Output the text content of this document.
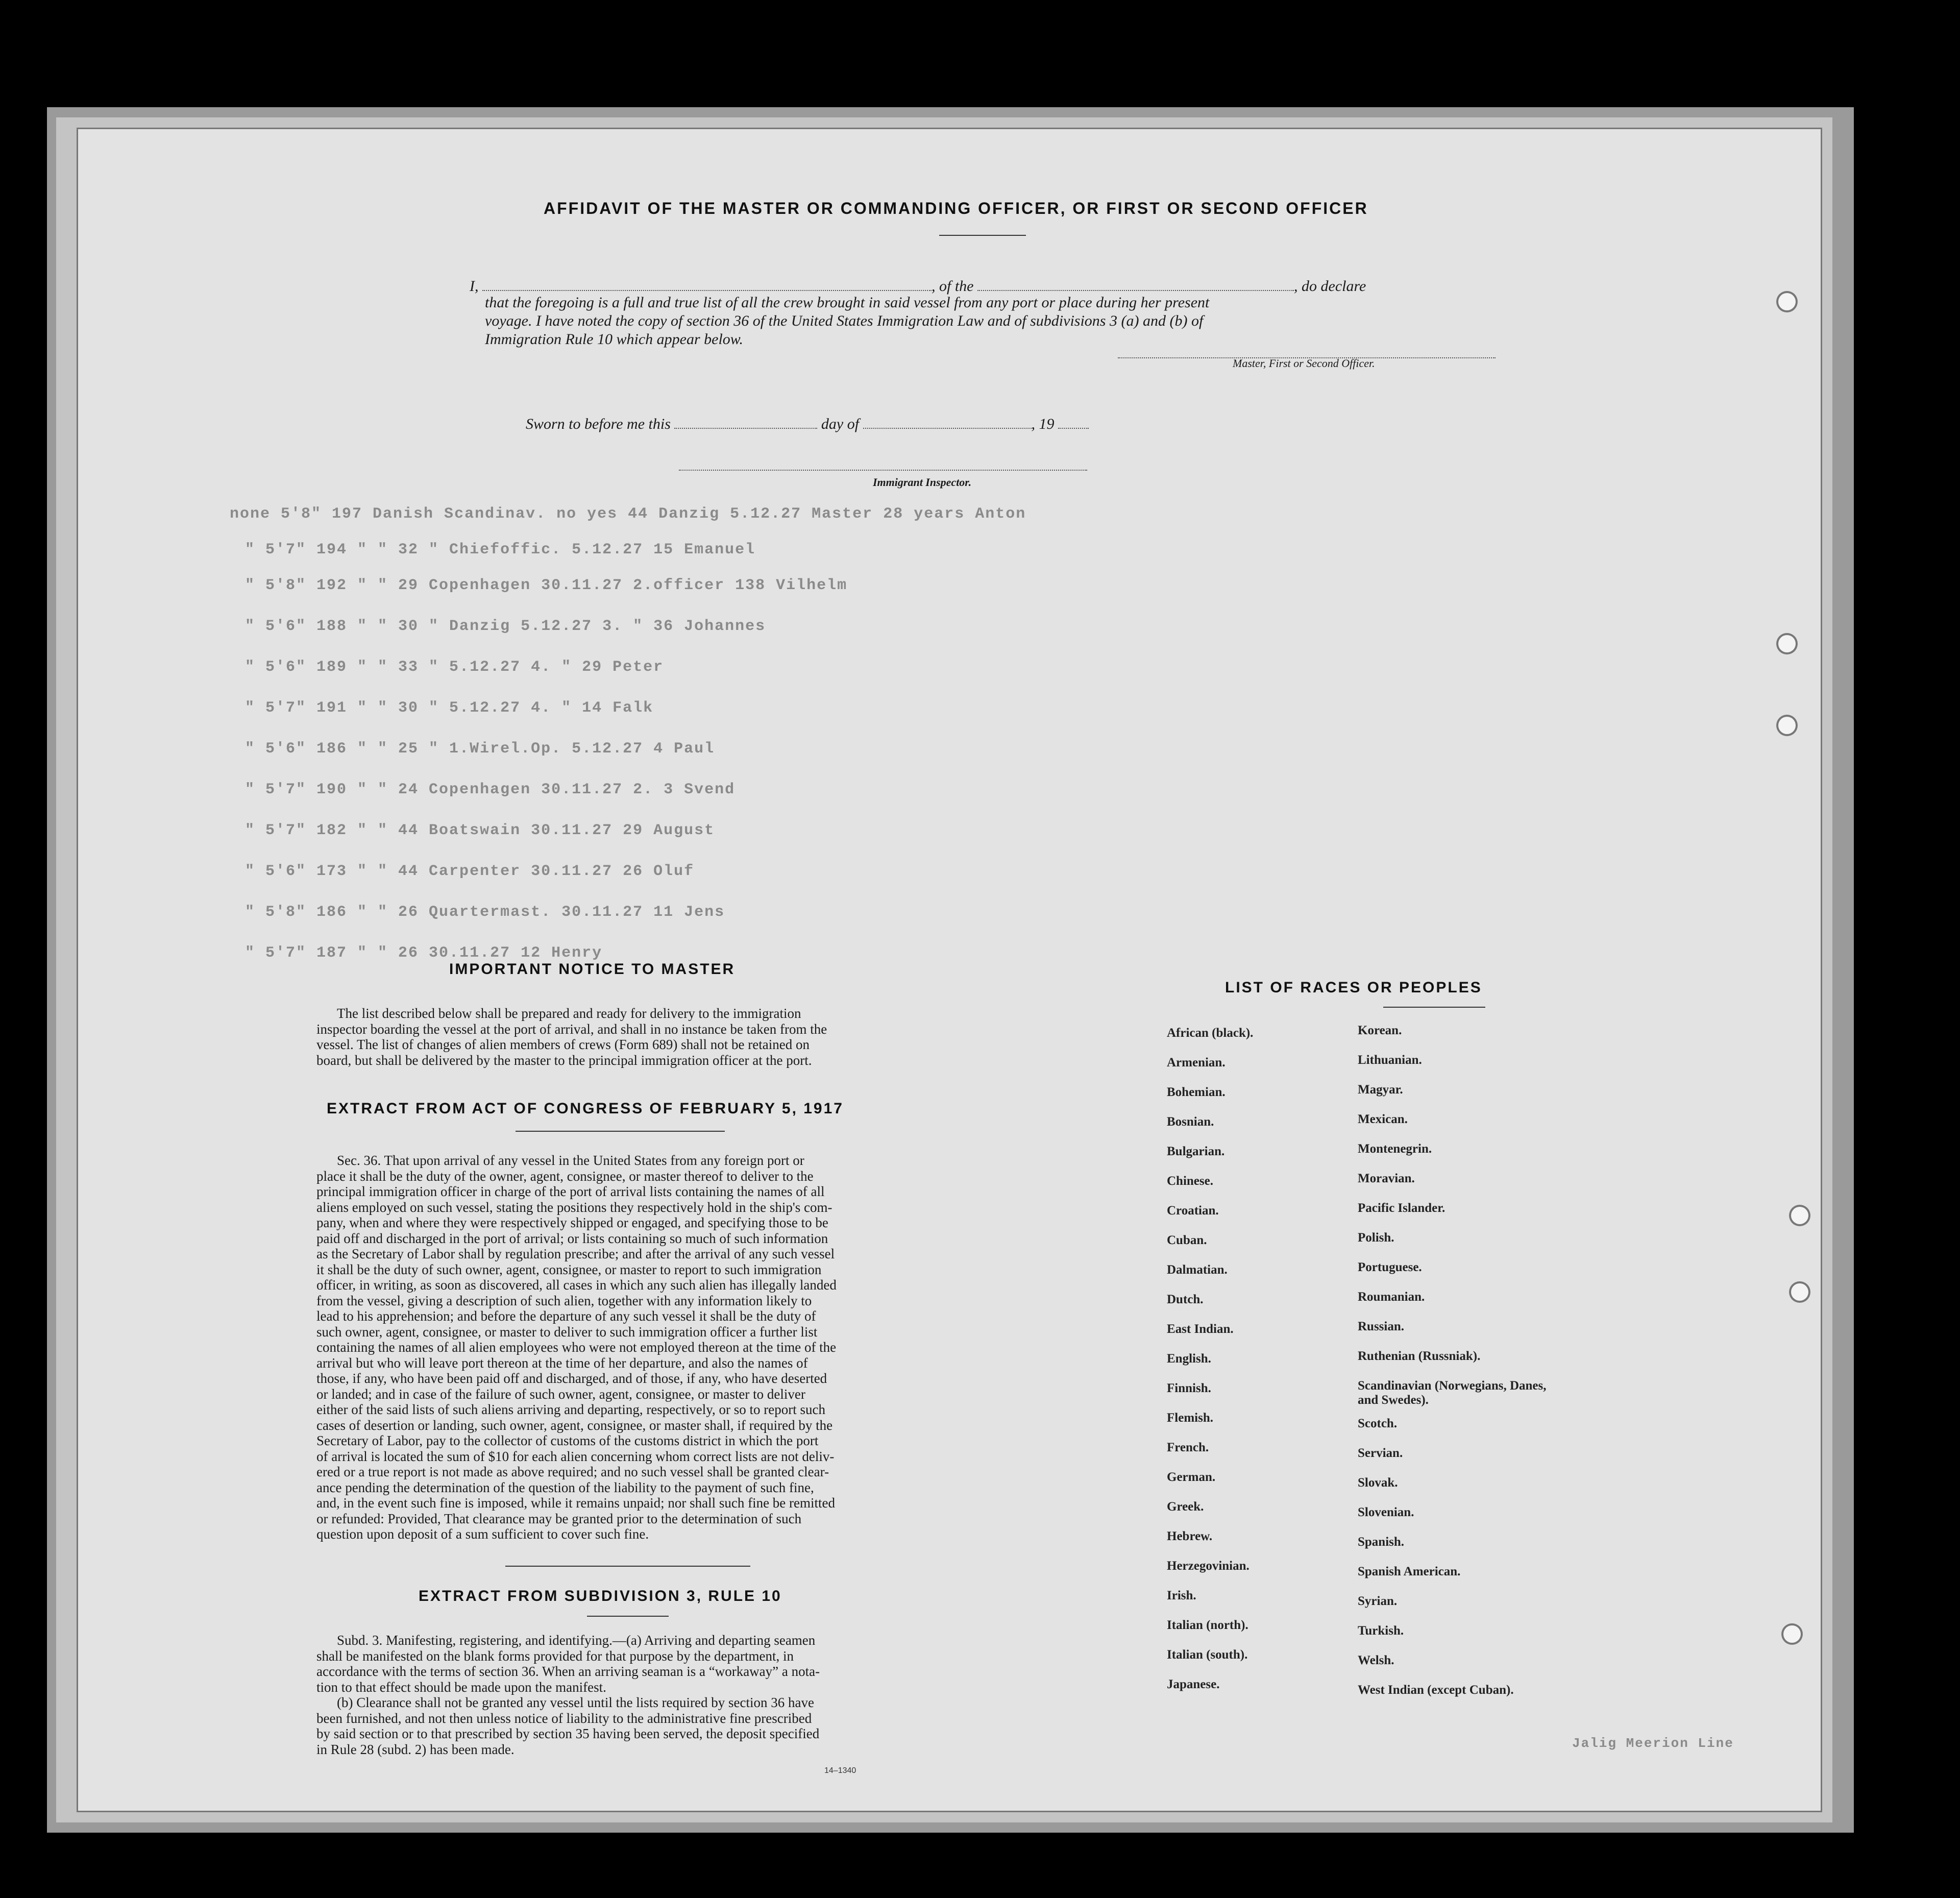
none 5'8" 197 Danish Scandinav. no yes 44 Danzig 5.12.27 Master 28 years Anton
" 5'7" 194 " " 32 " Chiefoffic. 5.12.27 15 Emanuel
" 5'8" 192 " " 29 Copenhagen 30.11.27 2.officer 138 Vilhelm
" 5'6" 188 " " 30 " Danzig 5.12.27 3. " 36 Johannes
" 5'6" 189 " " 33 " 5.12.27 4. " 29 Peter
" 5'7" 191 " " 30 " 5.12.27 4. " 14 Falk
" 5'6" 186 " " 25 " 1.Wirel.Op. 5.12.27 4 Paul
" 5'7" 190 " " 24 Copenhagen 30.11.27 2. 3 Svend
" 5'7" 182 " " 44 Boatswain 30.11.27 29 August
" 5'6" 173 " " 44 Carpenter 30.11.27 26 Oluf
" 5'8" 186 " " 26 Quartermast. 30.11.27 11 Jens
" 5'7" 187 " " 26 30.11.27 12 Henry
AFFIDAVIT OF THE MASTER OR COMMANDING OFFICER, OR FIRST OR SECOND OFFICER
I,	, of the	, do declare
that the foregoing is a full and true list of all the crew brought in said vessel from any port or place during her present
voyage. I have noted the copy of section 36 of the United States Immigration Law and of subdivisions 3 (a) and (b) of
Immigration Rule 10 which appear below.
Master, First or Second Officer.
Sworn to before me this	day of	, 19
Immigrant Inspector.
IMPORTANT NOTICE TO MASTER
The list described below shall be prepared and ready for delivery to the immigration
inspector boarding the vessel at the port of arrival, and shall in no instance be taken from the
vessel. The list of changes of alien members of crews (Form 689) shall not be retained on
board, but shall be delivered by the master to the principal immigration officer at the port.
EXTRACT FROM ACT OF CONGRESS OF FEBRUARY 5, 1917
Sec. 36. That upon arrival of any vessel in the United States from any foreign port or
place it shall be the duty of the owner, agent, consignee, or master thereof to deliver to the
principal immigration officer in charge of the port of arrival lists containing the names of all
aliens employed on such vessel, stating the positions they respectively hold in the ship's com-
pany, when and where they were respectively shipped or engaged, and specifying those to be
paid off and discharged in the port of arrival; or lists containing so much of such information
as the Secretary of Labor shall by regulation prescribe; and after the arrival of any such vessel
it shall be the duty of such owner, agent, consignee, or master to report to such immigration
officer, in writing, as soon as discovered, all cases in which any such alien has illegally landed
from the vessel, giving a description of such alien, together with any information likely to
lead to his apprehension; and before the departure of any such vessel it shall be the duty of
such owner, agent, consignee, or master to deliver to such immigration officer a further list
containing the names of all alien employees who were not employed thereon at the time of the
arrival but who will leave port thereon at the time of her departure, and also the names of
those, if any, who have been paid off and discharged, and of those, if any, who have deserted
or landed; and in case of the failure of such owner, agent, consignee, or master to deliver
either of the said lists of such aliens arriving and departing, respectively, or so to report such
cases of desertion or landing, such owner, agent, consignee, or master shall, if required by the
Secretary of Labor, pay to the collector of customs of the customs district in which the port
of arrival is located the sum of $10 for each alien concerning whom correct lists are not deliv-
ered or a true report is not made as above required; and no such vessel shall be granted clear-
ance pending the determination of the question of the liability to the payment of such fine,
and, in the event such fine is imposed, while it remains unpaid; nor shall such fine be remitted
or refunded: Provided, That clearance may be granted prior to the determination of such
question upon deposit of a sum sufficient to cover such fine.
EXTRACT FROM SUBDIVISION 3, RULE 10
Subd. 3. Manifesting, registering, and identifying.—(a) Arriving and departing seamen
shall be manifested on the blank forms provided for that purpose by the department, in
accordance with the terms of section 36. When an arriving seaman is a “workaway” a nota-
tion to that effect should be made upon the manifest.
(b) Clearance shall not be granted any vessel until the lists required by section 36 have
been furnished, and not then unless notice of liability to the administrative fine prescribed
by said section or to that prescribed by section 35 having been served, the deposit specified
in Rule 28 (subd. 2) has been made.
14–1340
LIST OF RACES OR PEOPLES
African (black).
Armenian.
Bohemian.
Bosnian.
Bulgarian.
Chinese.
Croatian.
Cuban.
Dalmatian.
Dutch.
East Indian.
English.
Finnish.
Flemish.
French.
German.
Greek.
Hebrew.
Herzegovinian.
Irish.
Italian (north).
Italian (south).
Japanese.
Korean.
Lithuanian.
Magyar.
Mexican.
Montenegrin.
Moravian.
Pacific Islander.
Polish.
Portuguese.
Roumanian.
Russian.
Ruthenian (Russniak).
Scandinavian (Norwegians, Danes, and Swedes).
Scotch.
Servian.
Slovak.
Slovenian.
Spanish.
Spanish American.
Syrian.
Turkish.
Welsh.
West Indian (except Cuban).
Jalig Meerion Line
